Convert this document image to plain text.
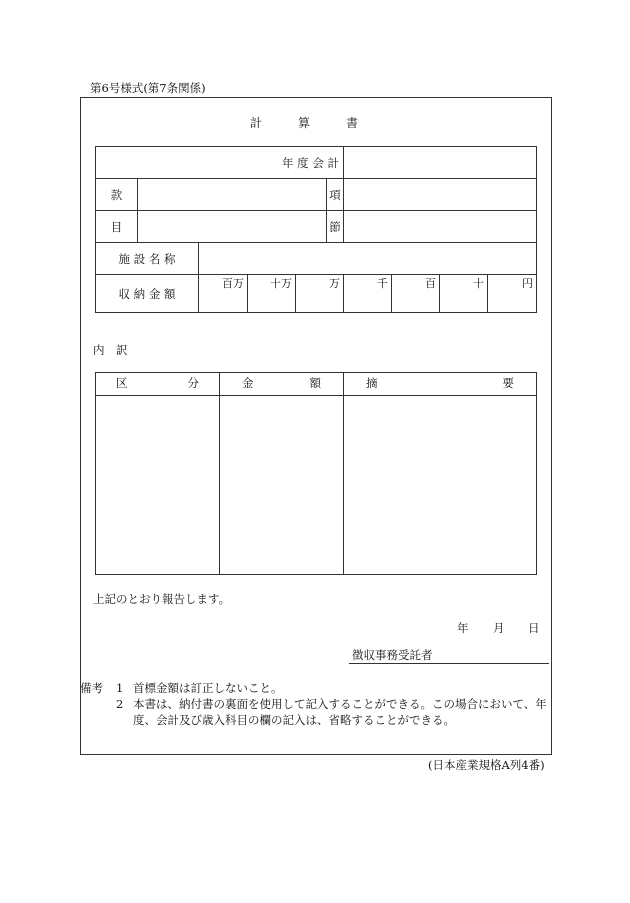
第6号様式(第7条関係)
計　　　算　　　書
年 度 会 計									
款					項				
目					節				
施 設 名 称									
収 納 金 額		百万	十万	万		千	百	十	円
内　訳
区 分	金 額	摘 要

上記のとおり報告します。
年 月 日
徴収事務受託者
備考 1 首標金額は訂正しないこと。
2 本書は、納付書の裏面を使用して記入することができる。この場合において、年
度、会計及び歳入科目の欄の記入は、省略することができる。
(日本産業規格A列4番)
